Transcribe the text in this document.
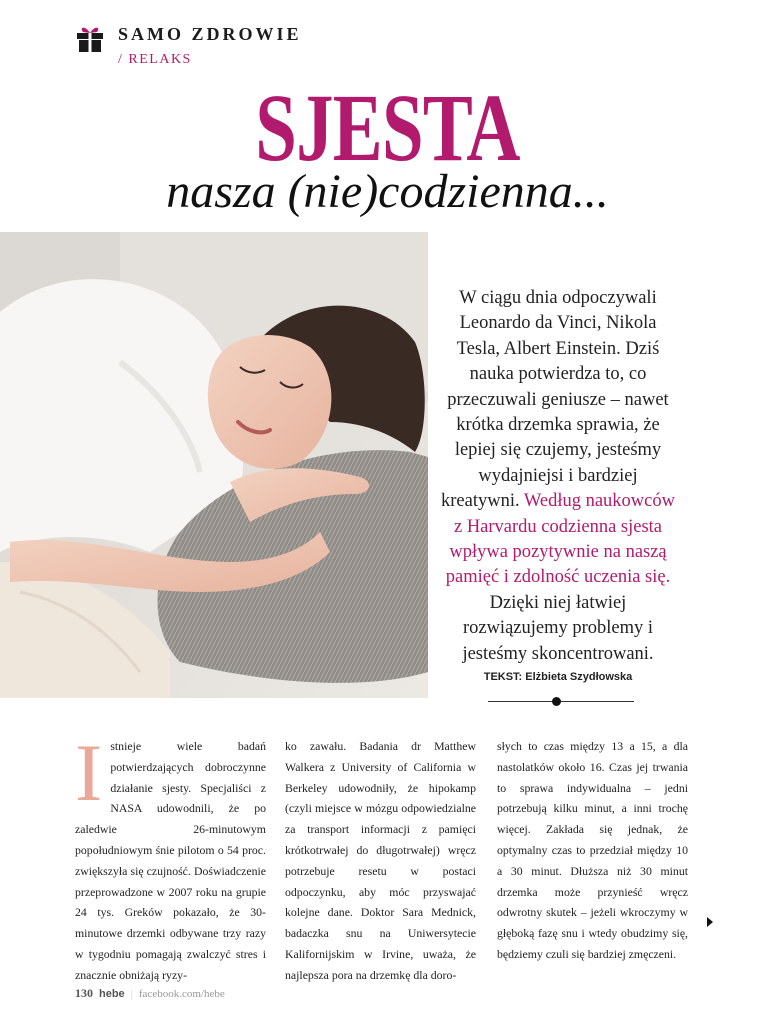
SAMO ZDROWIE
/ RELAKS
SJESTA
nasza (nie)codzienna...
W ciągu dnia odpoczywali Leonardo da Vinci, Nikola Tesla, Albert Einstein. Dziś nauka potwierdza to, co przeczuwali geniusze – nawet krótka drzemka sprawia, że lepiej się czujemy, jesteśmy wydajniejsi i bardziej kreatywni. Według naukowców z Harvardu codzienna sjesta wpływa pozytywnie na naszą pamięć i zdolność uczenia się. Dzięki niej łatwiej rozwiązujemy problemy i jesteśmy skoncentrowani.
TEKST: Elżbieta Szydłowska
I stnieje wiele badań potwierdzających dobroczynne działanie sjesty. Specjaliści z NASA udowodnili, że po zaledwie 26-minutowym popołudniowym śnie pilotom o 54 proc. zwiększyła się czujność. Doświadczenie przeprowadzone w 2007 roku na grupie 24 tys. Greków pokazało, że 30-minutowe drzemki odbywane trzy razy w tygodniu pomagają zwalczyć stres i znacznie obniżają ryzy-
ko zawału. Badania dr Matthew Walkera z University of California w Berkeley udowodniły, że hipokamp (czyli miejsce w mózgu odpowiedzialne za transport informacji z pamięci krótkotrwałej do długotrwałej) wręcz potrzebuje resetu w postaci odpoczynku, aby móc przyswajać kolejne dane. Doktor Sara Mednick, badaczka snu na Uniwersytecie Kalifornijskim w Irvine, uważa, że najlepsza pora na drzemkę dla doro-
słych to czas między 13 a 15, a dla nastolatków około 16. Czas jej trwania to sprawa indywidualna – jedni potrzebują kilku minut, a inni trochę więcej. Zakłada się jednak, że optymalny czas to przedział między 10 a 30 minut. Dłuższa niż 30 minut drzemka może przynieść wręcz odwrotny skutek – jeżeli wkroczymy w głęboką fazę snu i wtedy obudzimy się, będziemy czuli się bardziej zmęczeni.
130 hebe | facebook.com/hebe
